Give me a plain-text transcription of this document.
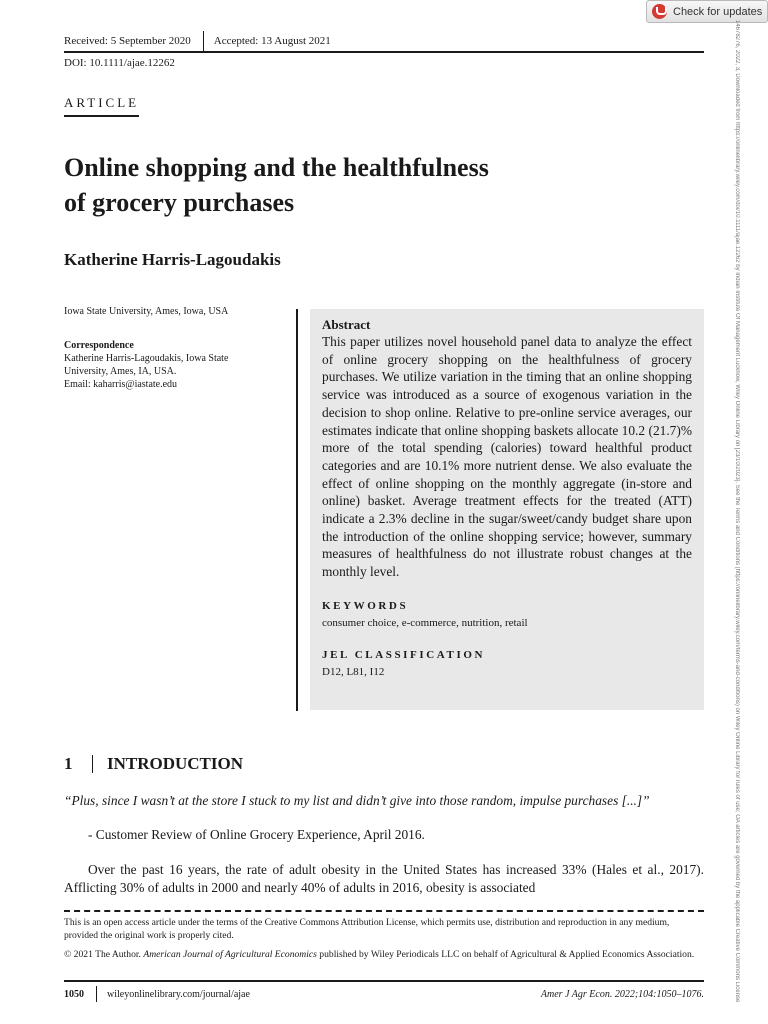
Check for updates
14678276, 2022, 3, Downloaded from https://onlinelibrary.wiley.com/doi/10.1111/ajae.12262 by Indian Institute Of Management Lucknow, Wiley Online Library on [23/10/2023]. See the Terms and Conditions (https://onlinelibrary.wiley.com/terms-and-conditions) on Wiley Online Library for rules of use; OA articles are governed by the applicable Creative Commons License
Received: 5 September 2020 Accepted: 13 August 2021
DOI: 10.1111/ajae.12262
ARTICLE
Online shopping and the healthfulness
of grocery purchases
Katherine Harris-Lagoudakis
Iowa State University, Ames, Iowa, USA
Correspondence
Katherine Harris-Lagoudakis, Iowa State
University, Ames, IA, USA.
Email: kaharris@iastate.edu
Abstract

This paper utilizes novel household panel data to analyze the effect of online grocery shopping on the healthfulness of grocery purchases. We utilize variation in the timing that an online shopping service was introduced as a source of exogenous variation in the decision to shop online. Relative to pre-online service averages, our estimates indicate that online shopping baskets allocate 10.2 (21.7)% more of the total spending (calories) toward healthful product categories and are 10.1% more nutrient dense. We also evaluate the effect of online shopping on the monthly aggregate (in-store and online) basket. Average treatment effects for the treated (ATT) indicate a 2.3% decline in the sugar/sweet/candy budget share upon the introduction of the online shopping service; however, summary measures of healthfulness do not illustrate robust changes at the monthly level.

KEYWORDS
consumer choice, e-commerce, nutrition, retail
JEL CLASSIFICATION
D12, L81, I12
1	INTRODUCTION
“Plus, since I wasn’t at the store I stuck to my list and didn’t give into those random, impulse purchases [...]”
- Customer Review of Online Grocery Experience, April 2016.

Over the past 16 years, the rate of adult obesity in the United States has increased 33% (Hales et al., 2017). Afflicting 30% of adults in 2000 and nearly 40% of adults in 2016, obesity is associated

This is an open access article under the terms of the Creative Commons Attribution License, which permits use, distribution and reproduction in any medium, provided the original work is properly cited.

© 2021 The Author. American Journal of Agricultural Economics published by Wiley Periodicals LLC on behalf of Agricultural & Applied Economics Association.

1050 wileyonlinelibrary.com/journal/ajae	Amer J Agr Econ. 2022;104:1050–1076.
